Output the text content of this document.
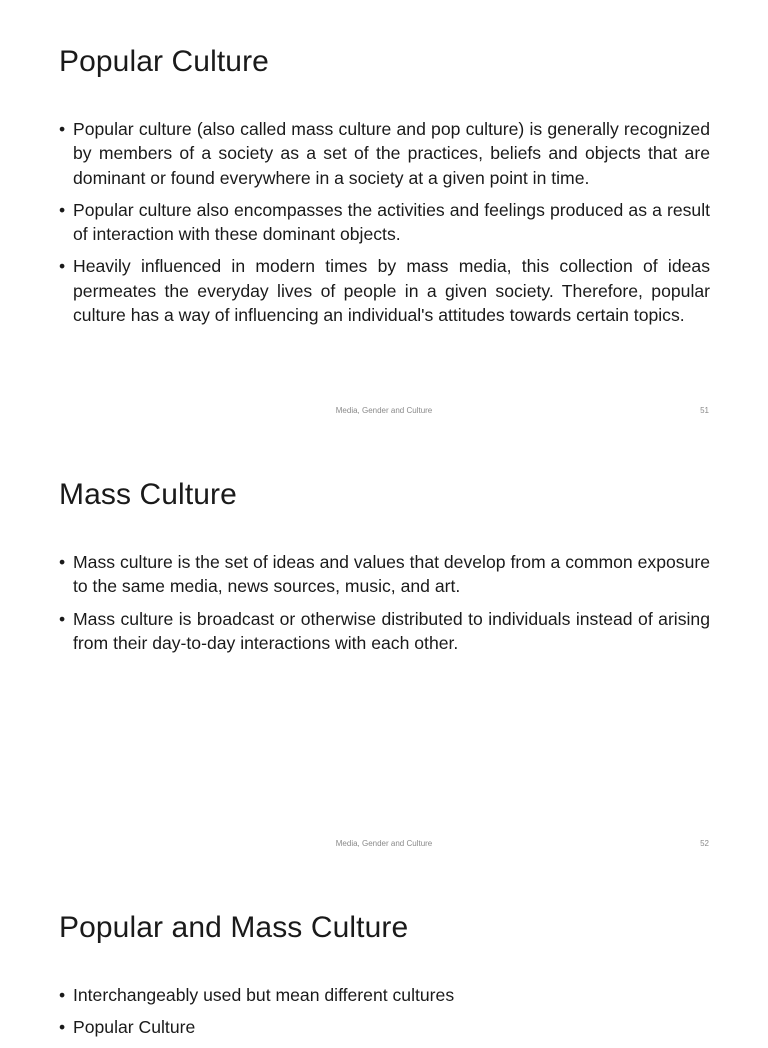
Popular Culture
• Popular culture (also called mass culture and pop culture) is generally recognized by members of a society as a set of the practices, beliefs and objects that are dominant or found everywhere in a society at a given point in time.
• Popular culture also encompasses the activities and feelings produced as a result of interaction with these dominant objects.
• Heavily influenced in modern times by mass media, this collection of ideas permeates the everyday lives of people in a given society. Therefore, popular culture has a way of influencing an individual's attitudes towards certain topics.
Media, Gender and Culture	51
Mass Culture
• Mass culture is the set of ideas and values that develop from a common exposure to the same media, news sources, music, and art.
• Mass culture is broadcast or otherwise distributed to individuals instead of arising from their day-to-day interactions with each other.
Media, Gender and Culture	52
Popular and Mass Culture
• Interchangeably used but mean different cultures
• Popular Culture
